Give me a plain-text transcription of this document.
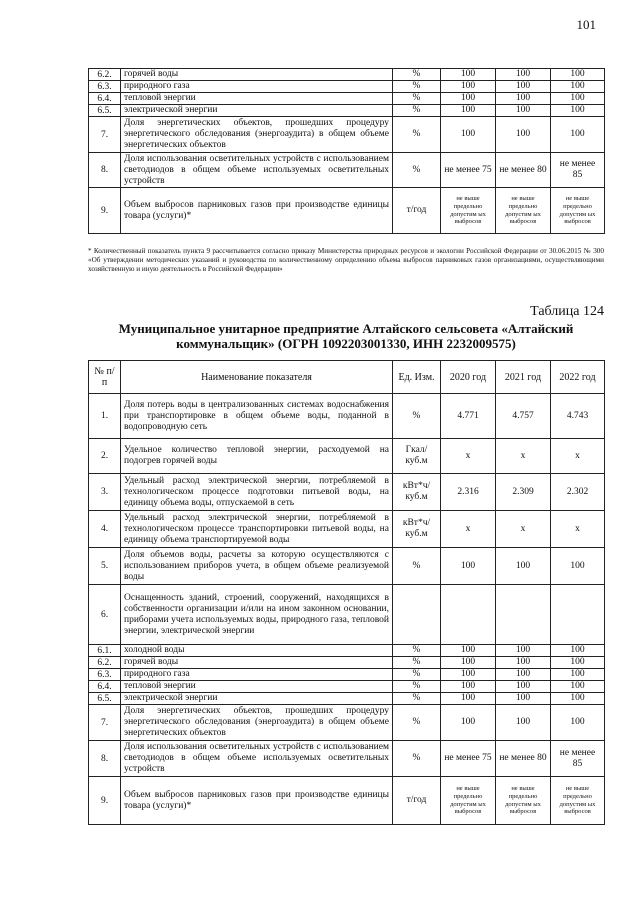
101
6.2.	горячей воды	%	100	100	100
6.3.	природного газа	%	100	100	100
6.4.	тепловой энергии	%	100	100	100
6.5.	электрической энергии	%	100	100	100
7.	Доля энергетических объектов, прошедших процедуру энергетического обследования (энергоаудита) в общем объеме энергетических объектов	%	100	100	100
8.	Доля использования осветительных устройств с использованием светодиодов в общем объеме используемых осветительных устройств	%	не менее 75	не менее 80	не менее 85
9.	Объем выбросов парниковых газов при производстве единицы товара (услуги)*	т/год	не выше предельно допустим ых выбросов	не выше предельно допустим ых выбросов	не выше предельно допустим ых выбросов
* Количественный показатель пункта 9 рассчитывается согласно приказу Министерства природных ресурсов и экологии Российской Федерации от 30.06.2015 № 300 «Об утверждении методических указаний и руководства по количественному определению объема выбросов парниковых газов организациями, осуществляющими хозяйственную и иную деятельность в Российской Федерации»
Таблица 124
Муниципальное унитарное предприятие Алтайского сельсовета «Алтайский коммунальщик» (ОГРН 1092203001330, ИНН 2232009575)
№ п/п	Наименование показателя	Ед. Изм.	2020 год	2021 год	2022 год
1.	Доля потерь воды в централизованных системах водоснабжения при транспортировке в общем объеме воды, поданной в водопроводную сеть	%	4.771	4.757	4.743
2.	Удельное количество тепловой энергии, расходуемой на подогрев горячей воды	Гкал/ куб.м	x	x	x
3.	Удельный расход электрической энергии, потребляемой в технологическом процессе подготовки питьевой воды, на единицу объема воды, отпускаемой в сеть	кВт*ч/ куб.м	2.316	2.309	2.302
4.	Удельный расход электрической энергии, потребляемой в технологическом процессе транспортировки питьевой воды, на единицу объема транспортируемой воды	кВт*ч/ куб.м	x	x	x
5.	Доля объемов воды, расчеты за которую осуществляются с использованием приборов учета, в общем объеме реализуемой воды	%	100	100	100
6.	Оснащенность зданий, строений, сооружений, находящихся в собственности организации и/или на ином законном основании, приборами учета используемых воды, природного газа, тепловой энергии, электрической энергии				
6.1.	холодной воды	%	100	100	100
6.2.	горячей воды	%	100	100	100
6.3.	природного газа	%	100	100	100
6.4.	тепловой энергии	%	100	100	100
6.5.	электрической энергии	%	100	100	100
7.	Доля энергетических объектов, прошедших процедуру энергетического обследования (энергоаудита) в общем объеме энергетических объектов	%	100	100	100
8.	Доля использования осветительных устройств с использованием светодиодов в общем объеме используемых осветительных устройств	%	не менее 75	не менее 80	не менее 85
9.	Объем выбросов парниковых газов при производстве единицы товара (услуги)*	т/год	не выше предельно допустим ых выбросов	не выше предельно допустим ых выбросов	не выше предельно допустим ых выбросов
